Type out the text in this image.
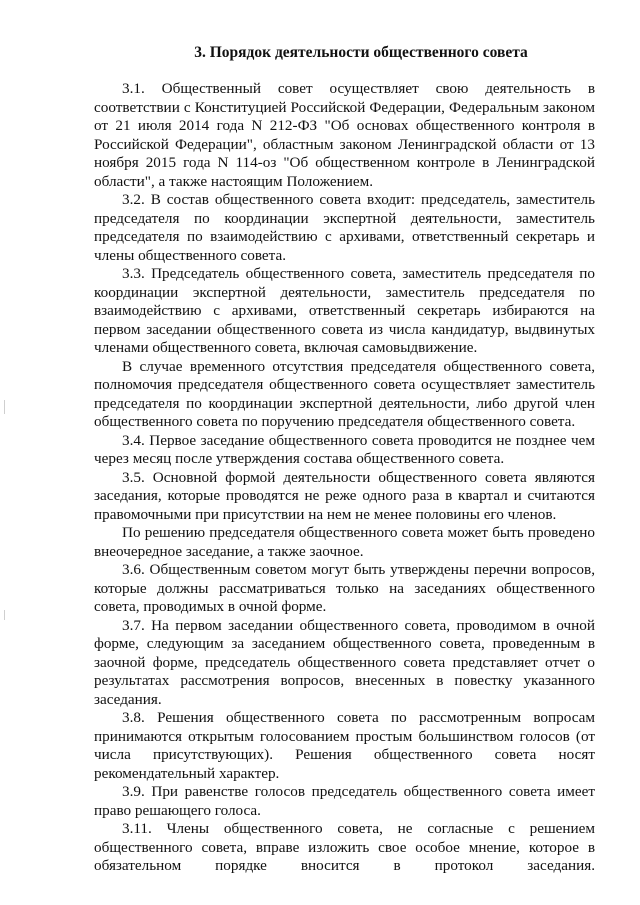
3. Порядок деятельности общественного совета

3.1. Общественный совет осуществляет свою деятельность в соответствии с Конституцией Российской Федерации, Федеральным законом от 21 июля 2014 года N 212-ФЗ "Об основах общественного контроля в Российской Федерации", областным законом Ленинградской области от 13 ноября 2015 года N 114-оз "Об общественном контроле в Ленинградской области", а также настоящим Положением.

3.2. В состав общественного совета входит: председатель, заместитель председателя по координации экспертной деятельности, заместитель председателя по взаимодействию с архивами, ответственный секретарь и члены общественного совета.

3.3. Председатель общественного совета, заместитель председателя по координации экспертной деятельности, заместитель председателя по взаимодействию с архивами, ответственный секретарь избираются на первом заседании общественного совета из числа кандидатур, выдвинутых членами общественного совета, включая самовыдвижение.

В случае временного отсутствия председателя общественного совета, полномочия председателя общественного совета осуществляет заместитель председателя по координации экспертной деятельности, либо другой член общественного совета по поручению председателя общественного совета.

3.4. Первое заседание общественного совета проводится не позднее чем через месяц после утверждения состава общественного совета.

3.5. Основной формой деятельности общественного совета являются заседания, которые проводятся не реже одного раза в квартал и считаются правомочными при присутствии на нем не менее половины его членов.

По решению председателя общественного совета может быть проведено внеочередное заседание, а также заочное.

3.6. Общественным советом могут быть утверждены перечни вопросов, которые должны рассматриваться только на заседаниях общественного совета, проводимых в очной форме.

3.7. На первом заседании общественного совета, проводимом в очной форме, следующим за заседанием общественного совета, проведенным в заочной форме, председатель общественного совета представляет отчет о результатах рассмотрения вопросов, внесенных в повестку указанного заседания.

3.8. Решения общественного совета по рассмотренным вопросам принимаются открытым голосованием простым большинством голосов (от числа присутствующих). Решения общественного совета носят рекомендательный характер.

3.9. При равенстве голосов председатель общественного совета имеет право решающего голоса.

3.11. Члены общественного совета, не согласные с решением общественного совета, вправе изложить свое особое мнение, которое в обязательном порядке вносится в протокол заседания.
